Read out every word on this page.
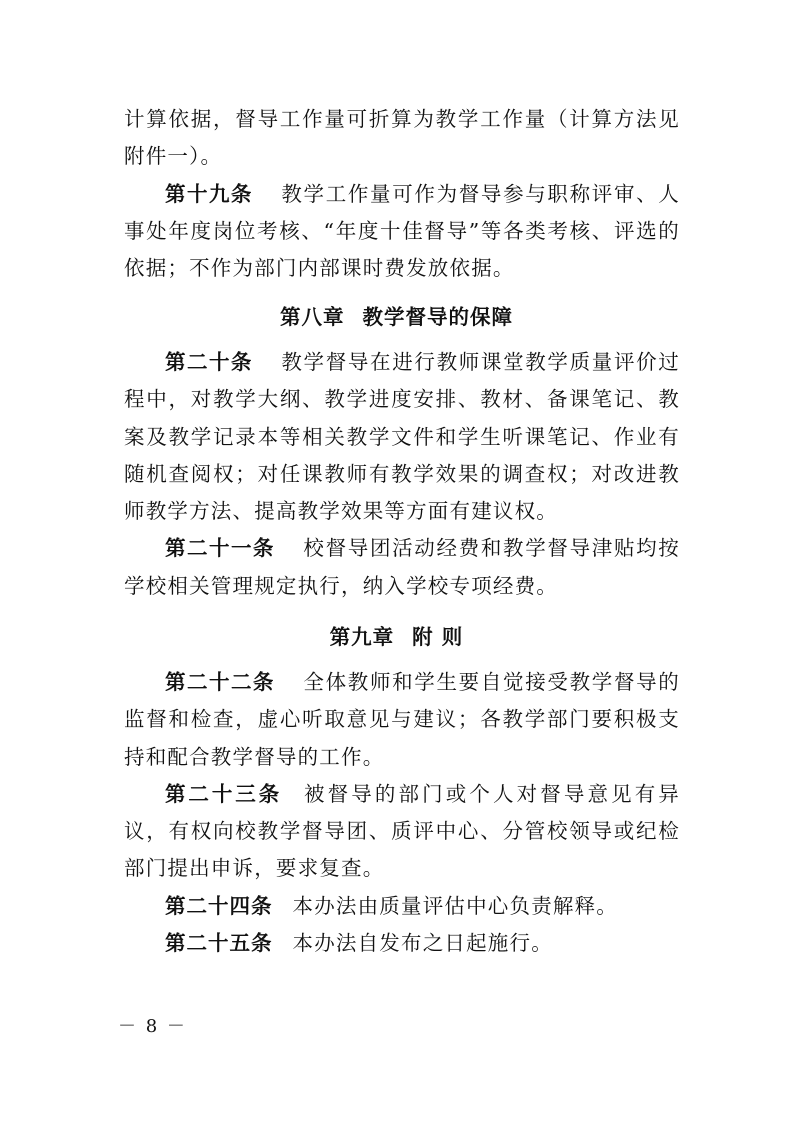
计算依据，督导工作量可折算为教学工作量（计算方法见附件一）。

第十九条 教学工作量可作为督导参与职称评审、人事处年度岗位考核、“年度十佳督导”等各类考核、评选的依据；不作为部门内部课时费发放依据。

第八章 教学督导的保障

第二十条 教学督导在进行教师课堂教学质量评价过程中，对教学大纲、教学进度安排、教材、备课笔记、教案及教学记录本等相关教学文件和学生听课笔记、作业有随机查阅权；对任课教师有教学效果的调查权；对改进教师教学方法、提高教学效果等方面有建议权。

第二十一条 校督导团活动经费和教学督导津贴均按学校相关管理规定执行，纳入学校专项经费。

第九章 附 则

第二十二条 全体教师和学生要自觉接受教学督导的监督和检查，虚心听取意见与建议；各教学部门要积极支持和配合教学督导的工作。

第二十三条 被督导的部门或个人对督导意见有异议，有权向校教学督导团、质评中心、分管校领导或纪检部门提出申诉，要求复查。

第二十四条 本办法由质量评估中心负责解释。

第二十五条 本办法自发布之日起施行。

－ 8 －
